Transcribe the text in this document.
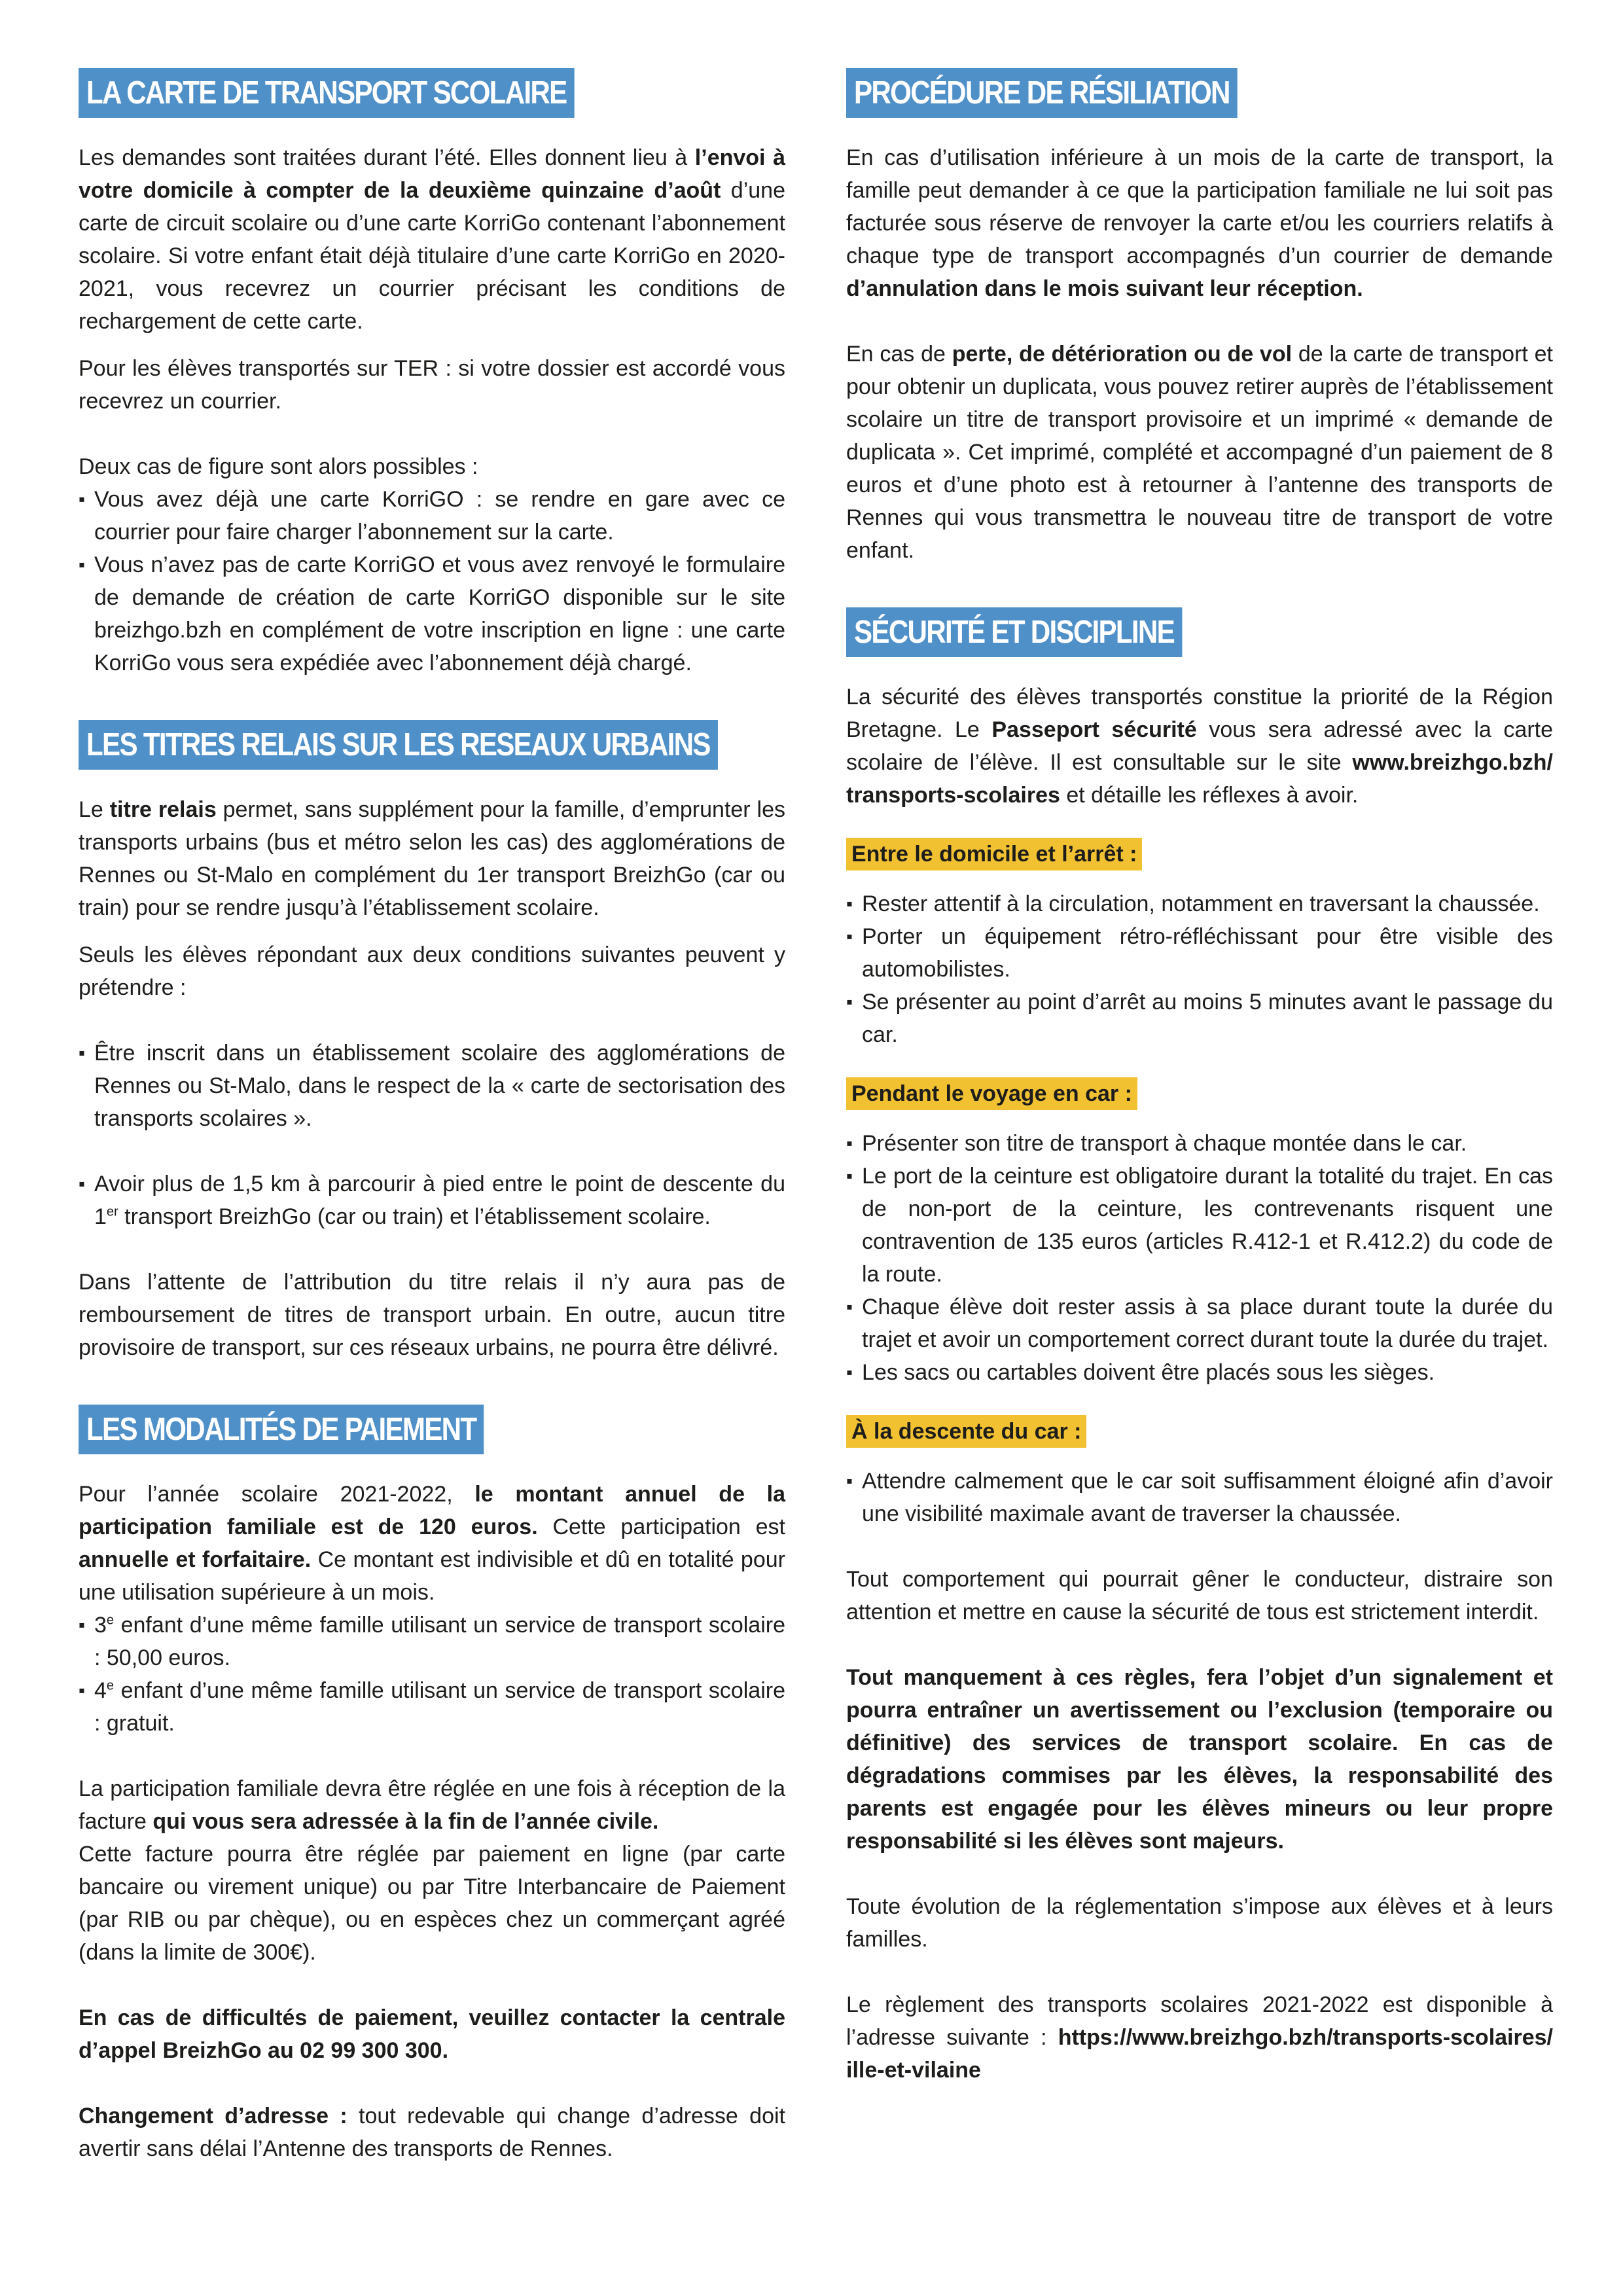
LA CARTE DE TRANSPORT SCOLAIRE

Les demandes sont traitées durant l’été. Elles donnent lieu à l’envoi à votre domicile à compter de la deuxième quinzaine d’août d’une carte de circuit scolaire ou d’une carte KorriGo contenant l’abonnement scolaire. Si votre enfant était déjà titulaire d’une carte KorriGo en 2020-2021, vous recevrez un courrier précisant les conditions de rechargement de cette carte.

Pour les élèves transportés sur TER : si votre dossier est accordé vous recevrez un courrier.

Deux cas de figure sont alors possibles :

▪ Vous avez déjà une carte KorriGO : se rendre en gare avec ce courrier pour faire charger l’abonnement sur la carte.

▪ Vous n’avez pas de carte KorriGO et vous avez renvoyé le formulaire de demande de création de carte KorriGO disponible sur le site breizhgo.bzh en complément de votre inscription en ligne : une carte KorriGo vous sera expédiée avec l’abonnement déjà chargé.

LES TITRES RELAIS SUR LES RESEAUX URBAINS

Le titre relais permet, sans supplément pour la famille, d’emprunter les transports urbains (bus et métro selon les cas) des agglomérations de Rennes ou St-Malo en complément du 1er transport BreizhGo (car ou train) pour se rendre jusqu’à l’établissement scolaire.

Seuls les élèves répondant aux deux conditions suivantes peuvent y prétendre :

▪ Être inscrit dans un établissement scolaire des agglomérations de Rennes ou St-Malo, dans le respect de la « carte de sectorisation des transports scolaires ».

▪ Avoir plus de 1,5 km à parcourir à pied entre le point de descente du 1er transport BreizhGo (car ou train) et l’établissement scolaire.

Dans l’attente de l’attribution du titre relais il n’y aura pas de remboursement de titres de transport urbain. En outre, aucun titre provisoire de transport, sur ces réseaux urbains, ne pourra être délivré.

LES MODALITÉS DE PAIEMENT

Pour l’année scolaire 2021-2022, le montant annuel de la participation familiale est de 120 euros. Cette participation est annuelle et forfaitaire. Ce montant est indivisible et dû en totalité pour une utilisation supérieure à un mois.

▪ 3e enfant d’une même famille utilisant un service de transport scolaire : 50,00 euros.

▪ 4e enfant d’une même famille utilisant un service de transport scolaire : gratuit.

La participation familiale devra être réglée en une fois à réception de la facture qui vous sera adressée à la fin de l’année civile.

Cette facture pourra être réglée par paiement en ligne (par carte bancaire ou virement unique) ou par Titre Interbancaire de Paiement (par RIB ou par chèque), ou en espèces chez un commerçant agréé (dans la limite de 300€).

En cas de difficultés de paiement, veuillez contacter la centrale d’appel BreizhGo au 02 99 300 300.

Changement d’adresse : tout redevable qui change d’adresse doit avertir sans délai l’Antenne des transports de Rennes.

PROCÉDURE DE RÉSILIATION

En cas d’utilisation inférieure à un mois de la carte de transport, la famille peut demander à ce que la participation familiale ne lui soit pas facturée sous réserve de renvoyer la carte et/ou les courriers relatifs à chaque type de transport accompagnés d’un courrier de demande d’annulation dans le mois suivant leur réception.

En cas de perte, de détérioration ou de vol de la carte de transport et pour obtenir un duplicata, vous pouvez retirer auprès de l’établissement scolaire un titre de transport provisoire et un imprimé « demande de duplicata ». Cet imprimé, complété et accompagné d’un paiement de 8 euros et d’une photo est à retourner à l’antenne des transports de Rennes qui vous transmettra le nouveau titre de transport de votre enfant.

SÉCURITÉ ET DISCIPLINE

La sécurité des élèves transportés constitue la priorité de la Région Bretagne. Le Passeport sécurité vous sera adressé avec la carte scolaire de l’élève. Il est consultable sur le site www.breizhgo.bzh/ transports-scolaires et détaille les réflexes à avoir.

Entre le domicile et l’arrêt :

▪ Rester attentif à la circulation, notamment en traversant la chaussée.

▪ Porter un équipement rétro-réfléchissant pour être visible des automobilistes.

▪ Se présenter au point d’arrêt au moins 5 minutes avant le passage du car.

Pendant le voyage en car :

▪ Présenter son titre de transport à chaque montée dans le car.

▪ Le port de la ceinture est obligatoire durant la totalité du trajet. En cas de non-port de la ceinture, les contrevenants risquent une contravention de 135 euros (articles R.412-1 et R.412.2) du code de la route.

▪ Chaque élève doit rester assis à sa place durant toute la durée du trajet et avoir un comportement correct durant toute la durée du trajet.

▪ Les sacs ou cartables doivent être placés sous les sièges.

À la descente du car :

▪ Attendre calmement que le car soit suffisamment éloigné afin d’avoir une visibilité maximale avant de traverser la chaussée.

Tout comportement qui pourrait gêner le conducteur, distraire son attention et mettre en cause la sécurité de tous est strictement interdit.

Tout manquement à ces règles, fera l’objet d’un signalement et pourra entraîner un avertissement ou l’exclusion (temporaire ou définitive) des services de transport scolaire. En cas de dégradations commises par les élèves, la responsabilité des parents est engagée pour les élèves mineurs ou leur propre responsabilité si les élèves sont majeurs.

Toute évolution de la réglementation s’impose aux élèves et à leurs familles.

Le règlement des transports scolaires 2021-2022 est disponible à l’adresse suivante : https://www.breizhgo.bzh/transports-scolaires/ ille-et-vilaine
